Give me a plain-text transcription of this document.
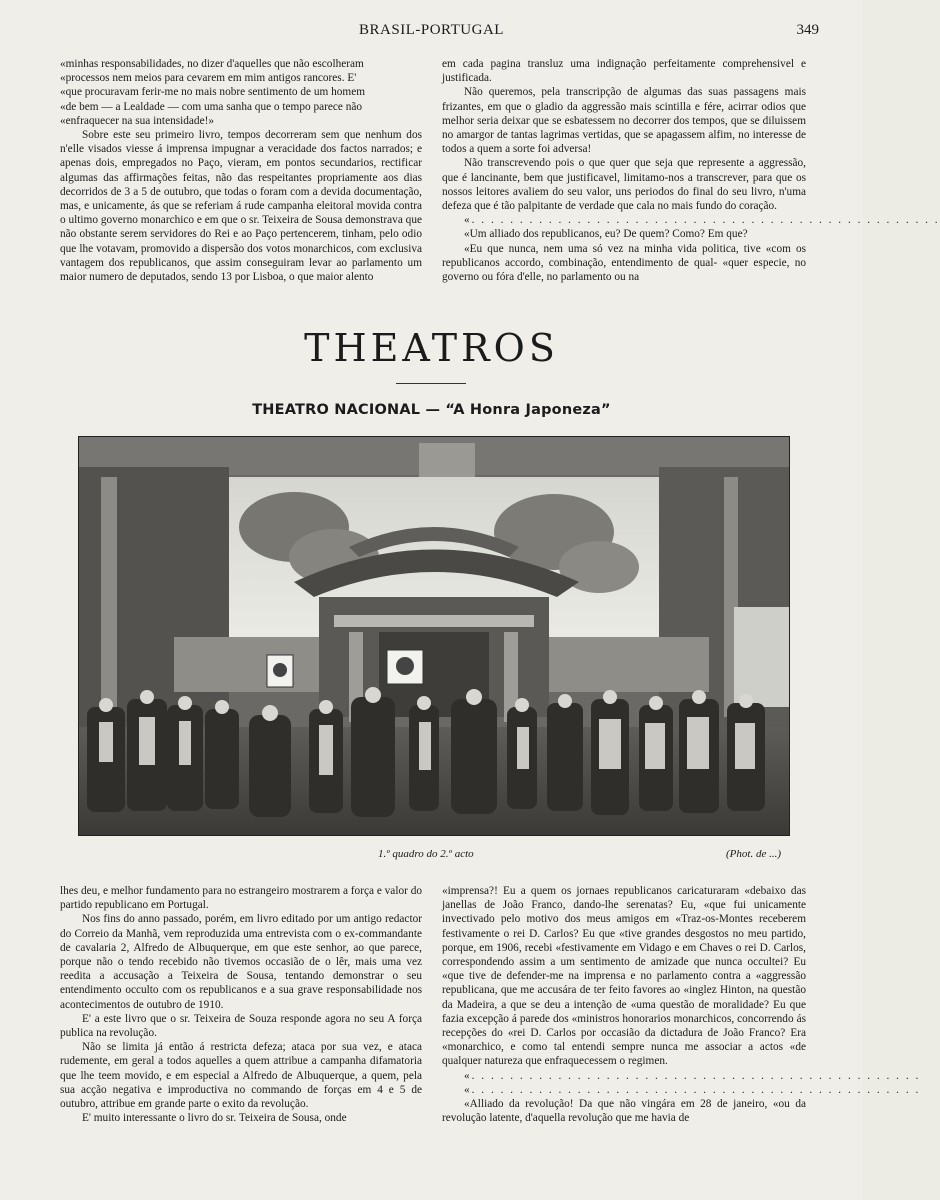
BRASIL-PORTUGAL	349

«minhas responsabilidades, no dizer d'aquelles que não escolheram

«processos nem meios para cevarem em mim antigos rancores. E'

«que procuravam ferir-me no mais nobre sentimento de um homem

«de bem — a Lealdade — com uma sanha que o tempo parece não

«enfraquecer na sua intensidade!»

Sobre este seu primeiro livro, tempos decorreram sem que nenhum dos n'elle visados viesse á imprensa impugnar a veracidade dos factos narrados; e apenas dois, empregados no Paço, vieram, em pontos secundarios, rectificar algumas das affirmações feitas, não das respeitantes propriamente aos dias decorridos de 3 a 5 de outubro, que todas o foram com a devida documentação, mas, e unicamente, ás que se referiam á rude campanha eleitoral movida contra o ultimo governo monarchico e em que o sr. Teixeira de Sousa demonstrava que não obstante serem servidores do Rei e ao Paço pertencerem, tinham, pelo odio que lhe votavam, promovido a dispersão dos votos monarchicos, com exclusiva vantagem dos republicanos, que assim conseguiram levar ao parlamento um maior numero de deputados, sendo 13 por Lisboa, o que maior alento

em cada pagina transluz uma indignação perfeitamente comprehensivel e justificada.

Não queremos, pela transcripção de algumas das suas passagens mais frizantes, em que o gladio da aggressão mais scintilla e fére, acirrar odios que melhor seria deixar que se esbatessem no decorrer dos tempos, que se diluissem no amargor de tantas lagrimas vertidas, que se apagassem alfim, no interesse de todos a quem a sorte foi adversa!

Não transcrevendo pois o que quer que seja que represente a aggressão, que é lancinante, bem que justificavel, limitamo-nos a transcrever, para que os nossos leitores avaliem do seu valor, uns periodos do final do seu livro, n'uma defeza que é tão palpitante de verdade que cala no mais fundo do coração.

«. . . . . . . . . . . . . . . . . . . . . . . . . . . . . . . . . . . . . . . . . . . . . . . . .

«Um alliado dos republicanos, eu? De quem? Como? Em que?

«Eu que nunca, nem uma só vez na minha vida politica, tive «com os republicanos accordo, combinação, entendimento de qual- «quer especie, no governo ou fóra d'elle, no parlamento ou na

THEATROS
THEATRO NACIONAL — “A Honra Japoneza”
1.º quadro do 2.º acto	(Phot. de ...)

lhes deu, e melhor fundamento para no estrangeiro mostrarem a força e valor do partido republicano em Portugal.

Nos fins do anno passado, porém, em livro editado por um antigo redactor do Correio da Manhã, vem reproduzida uma entrevista com o ex-commandante de cavalaria 2, Alfredo de Albuquerque, em que este senhor, ao que parece, porque não o tendo recebido não tivemos occasião de o lêr, mais uma vez reedita a accusação a Teixeira de Sousa, tentando demonstrar o seu entendimento occulto com os republicanos e a sua grave responsabilidade nos acontecimentos de outubro de 1910.

E' a este livro que o sr. Teixeira de Souza responde agora no seu A força publica na revolução.

Não se limita já então á restricta defeza; ataca por sua vez, e ataca rudemente, em geral a todos aquelles a quem attribue a campanha difamatoria que lhe teem movido, e em especial a Alfredo de Albuquerque, a quem, pela sua acção negativa e improductiva no commando de forças em 4 e 5 de outubro, attribue em grande parte o exito da revolução.

E' muito interessante o livro do sr. Teixeira de Sousa, onde

«imprensa?! Eu a quem os jornaes republicanos caricaturaram «debaixo das janellas de João Franco, dando-lhe serenatas? Eu, «que fui unicamente invectivado pelo motivo dos meus amigos em «Traz-os-Montes receberem festivamente o rei D. Carlos? Eu que «tive grandes desgostos no meu partido, porque, em 1906, recebi «festivamente em Vidago e em Chaves o rei D. Carlos, correspondendo assim a um sentimento de amizade que nunca occultei? Eu «que tive de defender-me na imprensa e no parlamento contra a «aggressão republicana, que me accusára de ter feito favores ao «inglez Hinton, na questão da Madeira, a que se deu a intenção de «uma questão de moralidade? Eu que fazia excepção á parede dos «ministros honorarios monarchicos, concorrendo ás recepções do «rei D. Carlos por occasião da dictadura de João Franco? Era «monarchico, e como tal entendi sempre nunca me associar a actos «de qualquer natureza que enfraquecessem o regimen.

«. . . . . . . . . . . . . . . . . . . . . . . . . . . . . . . . . . . . . . . . . . . . . . .

«. . . . . . . . . . . . . . . . . . . . . . . . . . . . . . . . . . . . . . . . . . . . . . .

«Alliado da revolução! Da que não vingára em 28 de janeiro, «ou da revolução latente, d'aquella revolução que me havia de
